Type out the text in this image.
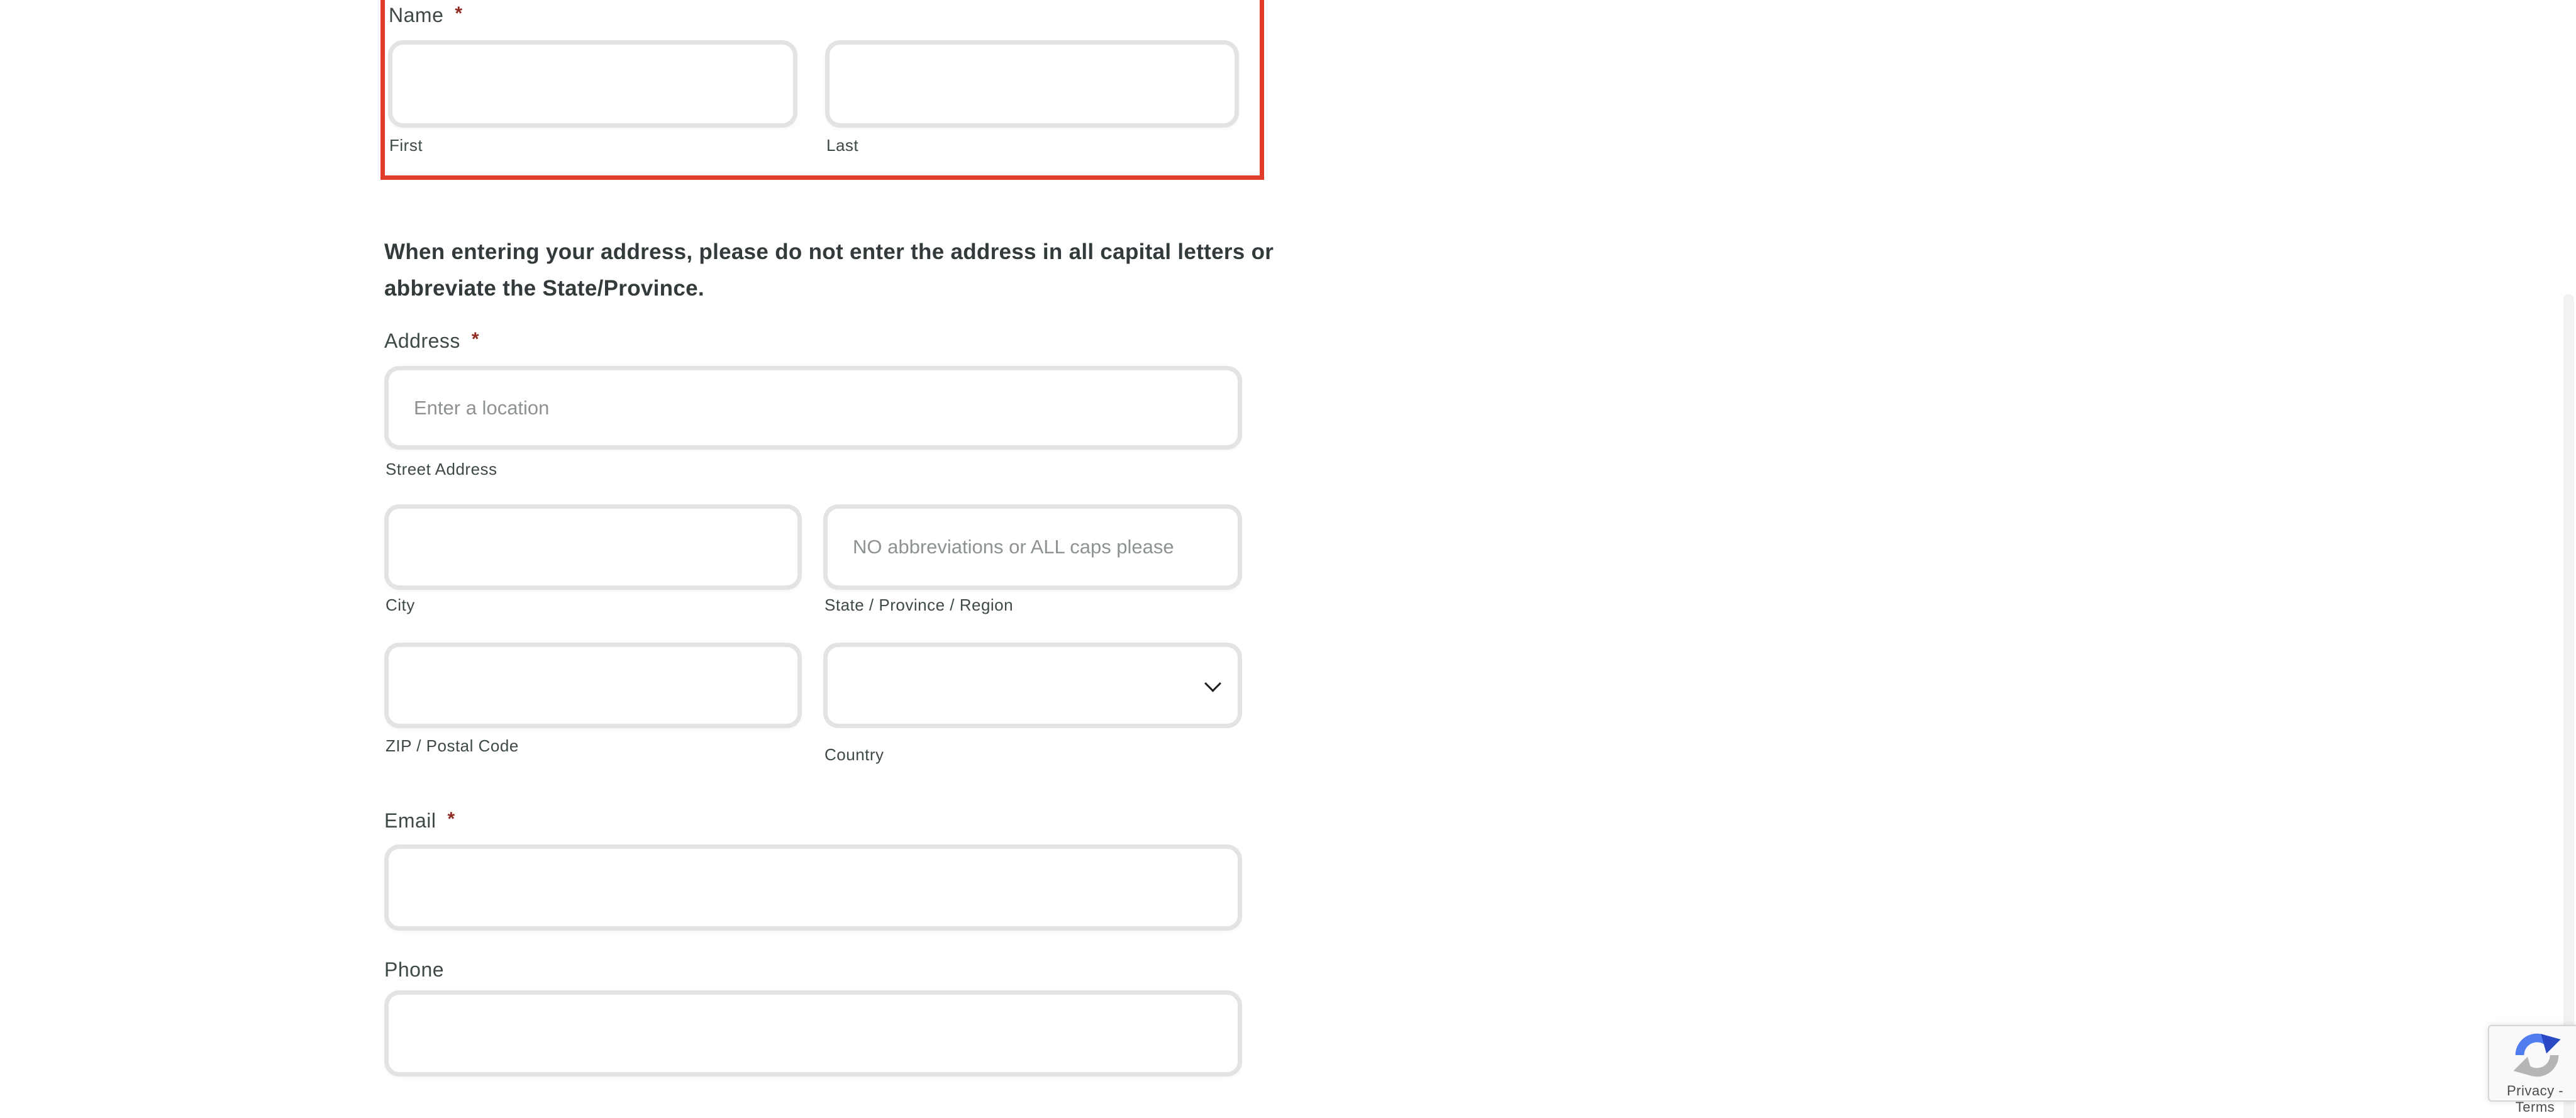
Name *
First	Last
When entering your address, please do not enter the address in all capital letters or
abbreviate the State/Province.
Address *
Enter a location
Street Address
NO abbreviations or ALL caps please
City	State / Province / Region
ZIP / Postal Code	Country
Email *
Phone
Privacy - Terms
